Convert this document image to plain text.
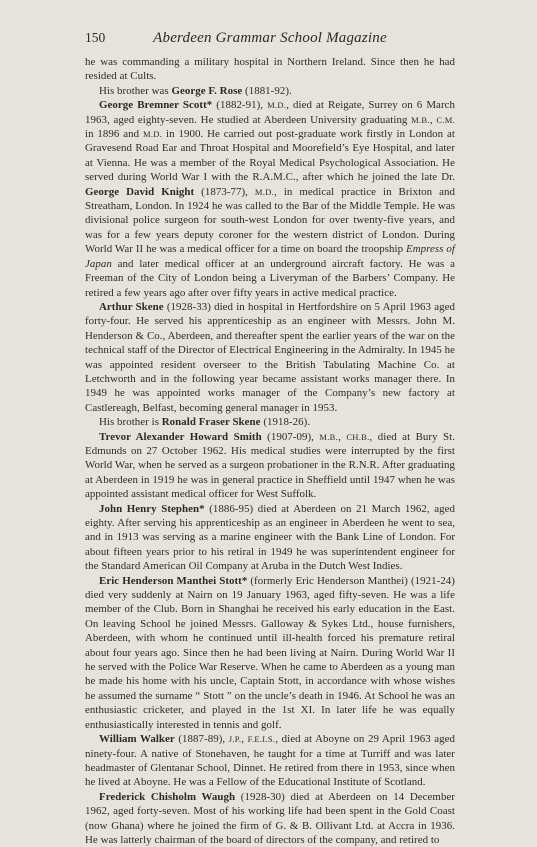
150	Aberdeen Grammar School Magazine

he was commanding a military hospital in Northern Ireland. Since then he had resided at Cults.

His brother was George F. Rose (1881-92).

George Bremner Scott* (1882-91), M.D., died at Reigate, Surrey on 6 March 1963, aged eighty-seven. He studied at Aberdeen University graduating M.B., C.M. in 1896 and M.D. in 1900. He carried out post-graduate work firstly in London at Gravesend Road Ear and Throat Hospital and Moorefield’s Eye Hospital, and later at Vienna. He was a member of the Royal Medical Psychological Association. He served during World War I with the R.A.M.C., after which he joined the late Dr. George David Knight (1873-77), M.D., in medical practice in Brixton and Streatham, London. In 1924 he was called to the Bar of the Middle Temple. He was divisional police surgeon for south-west London for over twenty-five years, and was for a few years deputy coroner for the western district of London. During World War II he was a medical officer for a time on board the troopship Empress of Japan and later medical officer at an underground aircraft factory. He was a Freeman of the City of London being a Liveryman of the Barbers’ Company. He retired a few years ago after over fifty years in active medical practice.

Arthur Skene (1928-33) died in hospital in Hertfordshire on 5 April 1963 aged forty-four. He served his apprenticeship as an engineer with Messrs. John M. Henderson & Co., Aberdeen, and thereafter spent the earlier years of the war on the technical staff of the Director of Electrical Engineering in the Admiralty. In 1945 he was appointed resident overseer to the British Tabulating Machine Co. at Letchworth and in the following year became assistant works manager there. In 1949 he was appointed works manager of the Company’s new factory at Castlereagh, Belfast, becoming general manager in 1953.

His brother is Ronald Fraser Skene (1918-26).

Trevor Alexander Howard Smith (1907-09), M.B., CH.B., died at Bury St. Edmunds on 27 October 1962. His medical studies were interrupted by the first World War, when he served as a surgeon probationer in the R.N.R. After graduating at Aberdeen in 1919 he was in general practice in Sheffield until 1947 when he was appointed assistant medical officer for West Suffolk.

John Henry Stephen* (1886-95) died at Aberdeen on 21 March 1962, aged eighty. After serving his apprenticeship as an engineer in Aberdeen he went to sea, and in 1913 was serving as a marine engineer with the Bank Line of London. For about fifteen years prior to his retiral in 1949 he was superintendent engineer for the Standard American Oil Company at Aruba in the Dutch West Indies.

Eric Henderson Manthei Stott* (formerly Eric Henderson Manthei) (1921-24) died very suddenly at Nairn on 19 January 1963, aged fifty-seven. He was a life member of the Club. Born in Shanghai he received his early education in the East. On leaving School he joined Messrs. Galloway & Sykes Ltd., house furnishers, Aberdeen, with whom he continued until ill-health forced his premature retiral about four years ago. Since then he had been living at Nairn. During World War II he served with the Police War Reserve. When he came to Aberdeen as a young man he made his home with his uncle, Captain Stott, in accordance with whose wishes he assumed the surname “ Stott ” on the uncle’s death in 1946. At School he was an enthusiastic cricketer, and played in the 1st XI. In later life he was equally enthusiastically interested in tennis and golf.

William Walker (1887-89), J.P., F.E.I.S., died at Aboyne on 29 April 1963 aged ninety-four. A native of Stonehaven, he taught for a time at Turriff and was later headmaster of Glentanar School, Dinnet. He retired from there in 1953, since when he lived at Aboyne. He was a Fellow of the Educational Institute of Scotland.

Frederick Chisholm Waugh (1928-30) died at Aberdeen on 14 December 1962, aged forty-seven. Most of his working life had been spent in the Gold Coast (now Ghana) where he joined the firm of G. & B. Ollivant Ltd. at Accra in 1936. He was latterly chairman of the board of directors of the company, and retired to
